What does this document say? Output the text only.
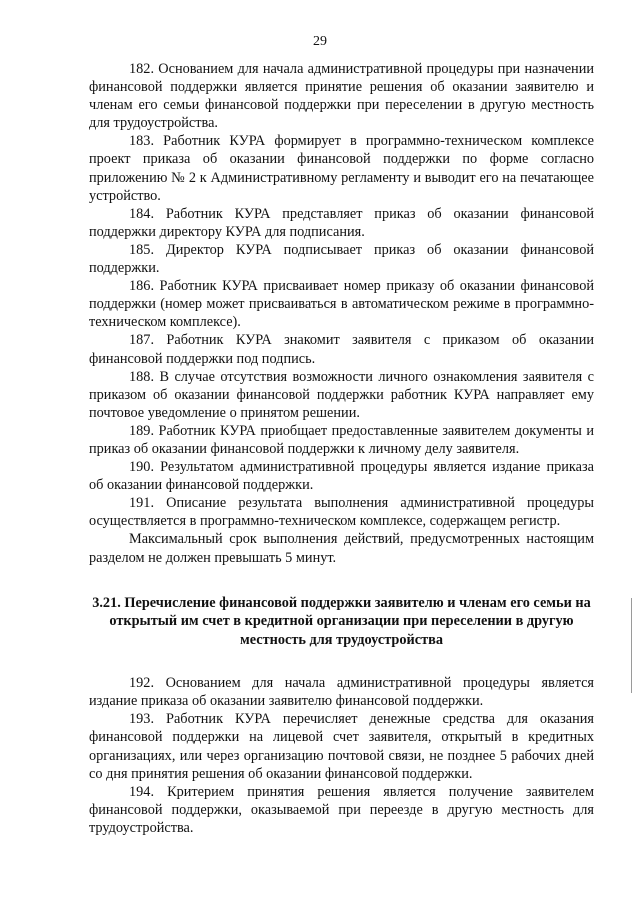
29

182. Основанием для начала административной процедуры при назначении финансовой поддержки является принятие решения об оказании заявителю и членам его семьи финансовой поддержки при переселении в другую местность для трудоустройства.

183. Работник КУРА формирует в программно-техническом комплексе проект приказа об оказании финансовой поддержки по форме согласно приложению № 2 к Административному регламенту и выводит его на печатающее устройство.

184. Работник КУРА представляет приказ об оказании финансовой поддержки директору КУРА для подписания.

185. Директор КУРА подписывает приказ об оказании финансовой поддержки.

186. Работник КУРА присваивает номер приказу об оказании финансовой поддержки (номер может присваиваться в автоматическом режиме в программно-техническом комплексе).

187. Работник КУРА знакомит заявителя с приказом об оказании финансовой поддержки под подпись.

188. В случае отсутствия возможности личного ознакомления заявителя с приказом об оказании финансовой поддержки работник КУРА направляет ему почтовое уведомление о принятом решении.

189. Работник КУРА приобщает предоставленные заявителем документы и приказ об оказании финансовой поддержки к личному делу заявителя.

190. Результатом административной процедуры является издание приказа об оказании финансовой поддержки.

191. Описание результата выполнения административной процедуры осуществляется в программно-техническом комплексе, содержащем регистр.

Максимальный срок выполнения действий, предусмотренных настоящим разделом не должен превышать 5 минут.

3.21. Перечисление финансовой поддержки заявителю и членам его семьи на открытый им счет в кредитной организации при переселении в другую местность для трудоустройства

192. Основанием для начала административной процедуры является издание приказа об оказании заявителю финансовой поддержки.

193. Работник КУРА перечисляет денежные средства для оказания финансовой поддержки на лицевой счет заявителя, открытый в кредитных организациях, или через организацию почтовой связи, не позднее 5 рабочих дней со дня принятия решения об оказании финансовой поддержки.

194. Критерием принятия решения является получение заявителем финансовой поддержки, оказываемой при переезде в другую местность для трудоустройства.
